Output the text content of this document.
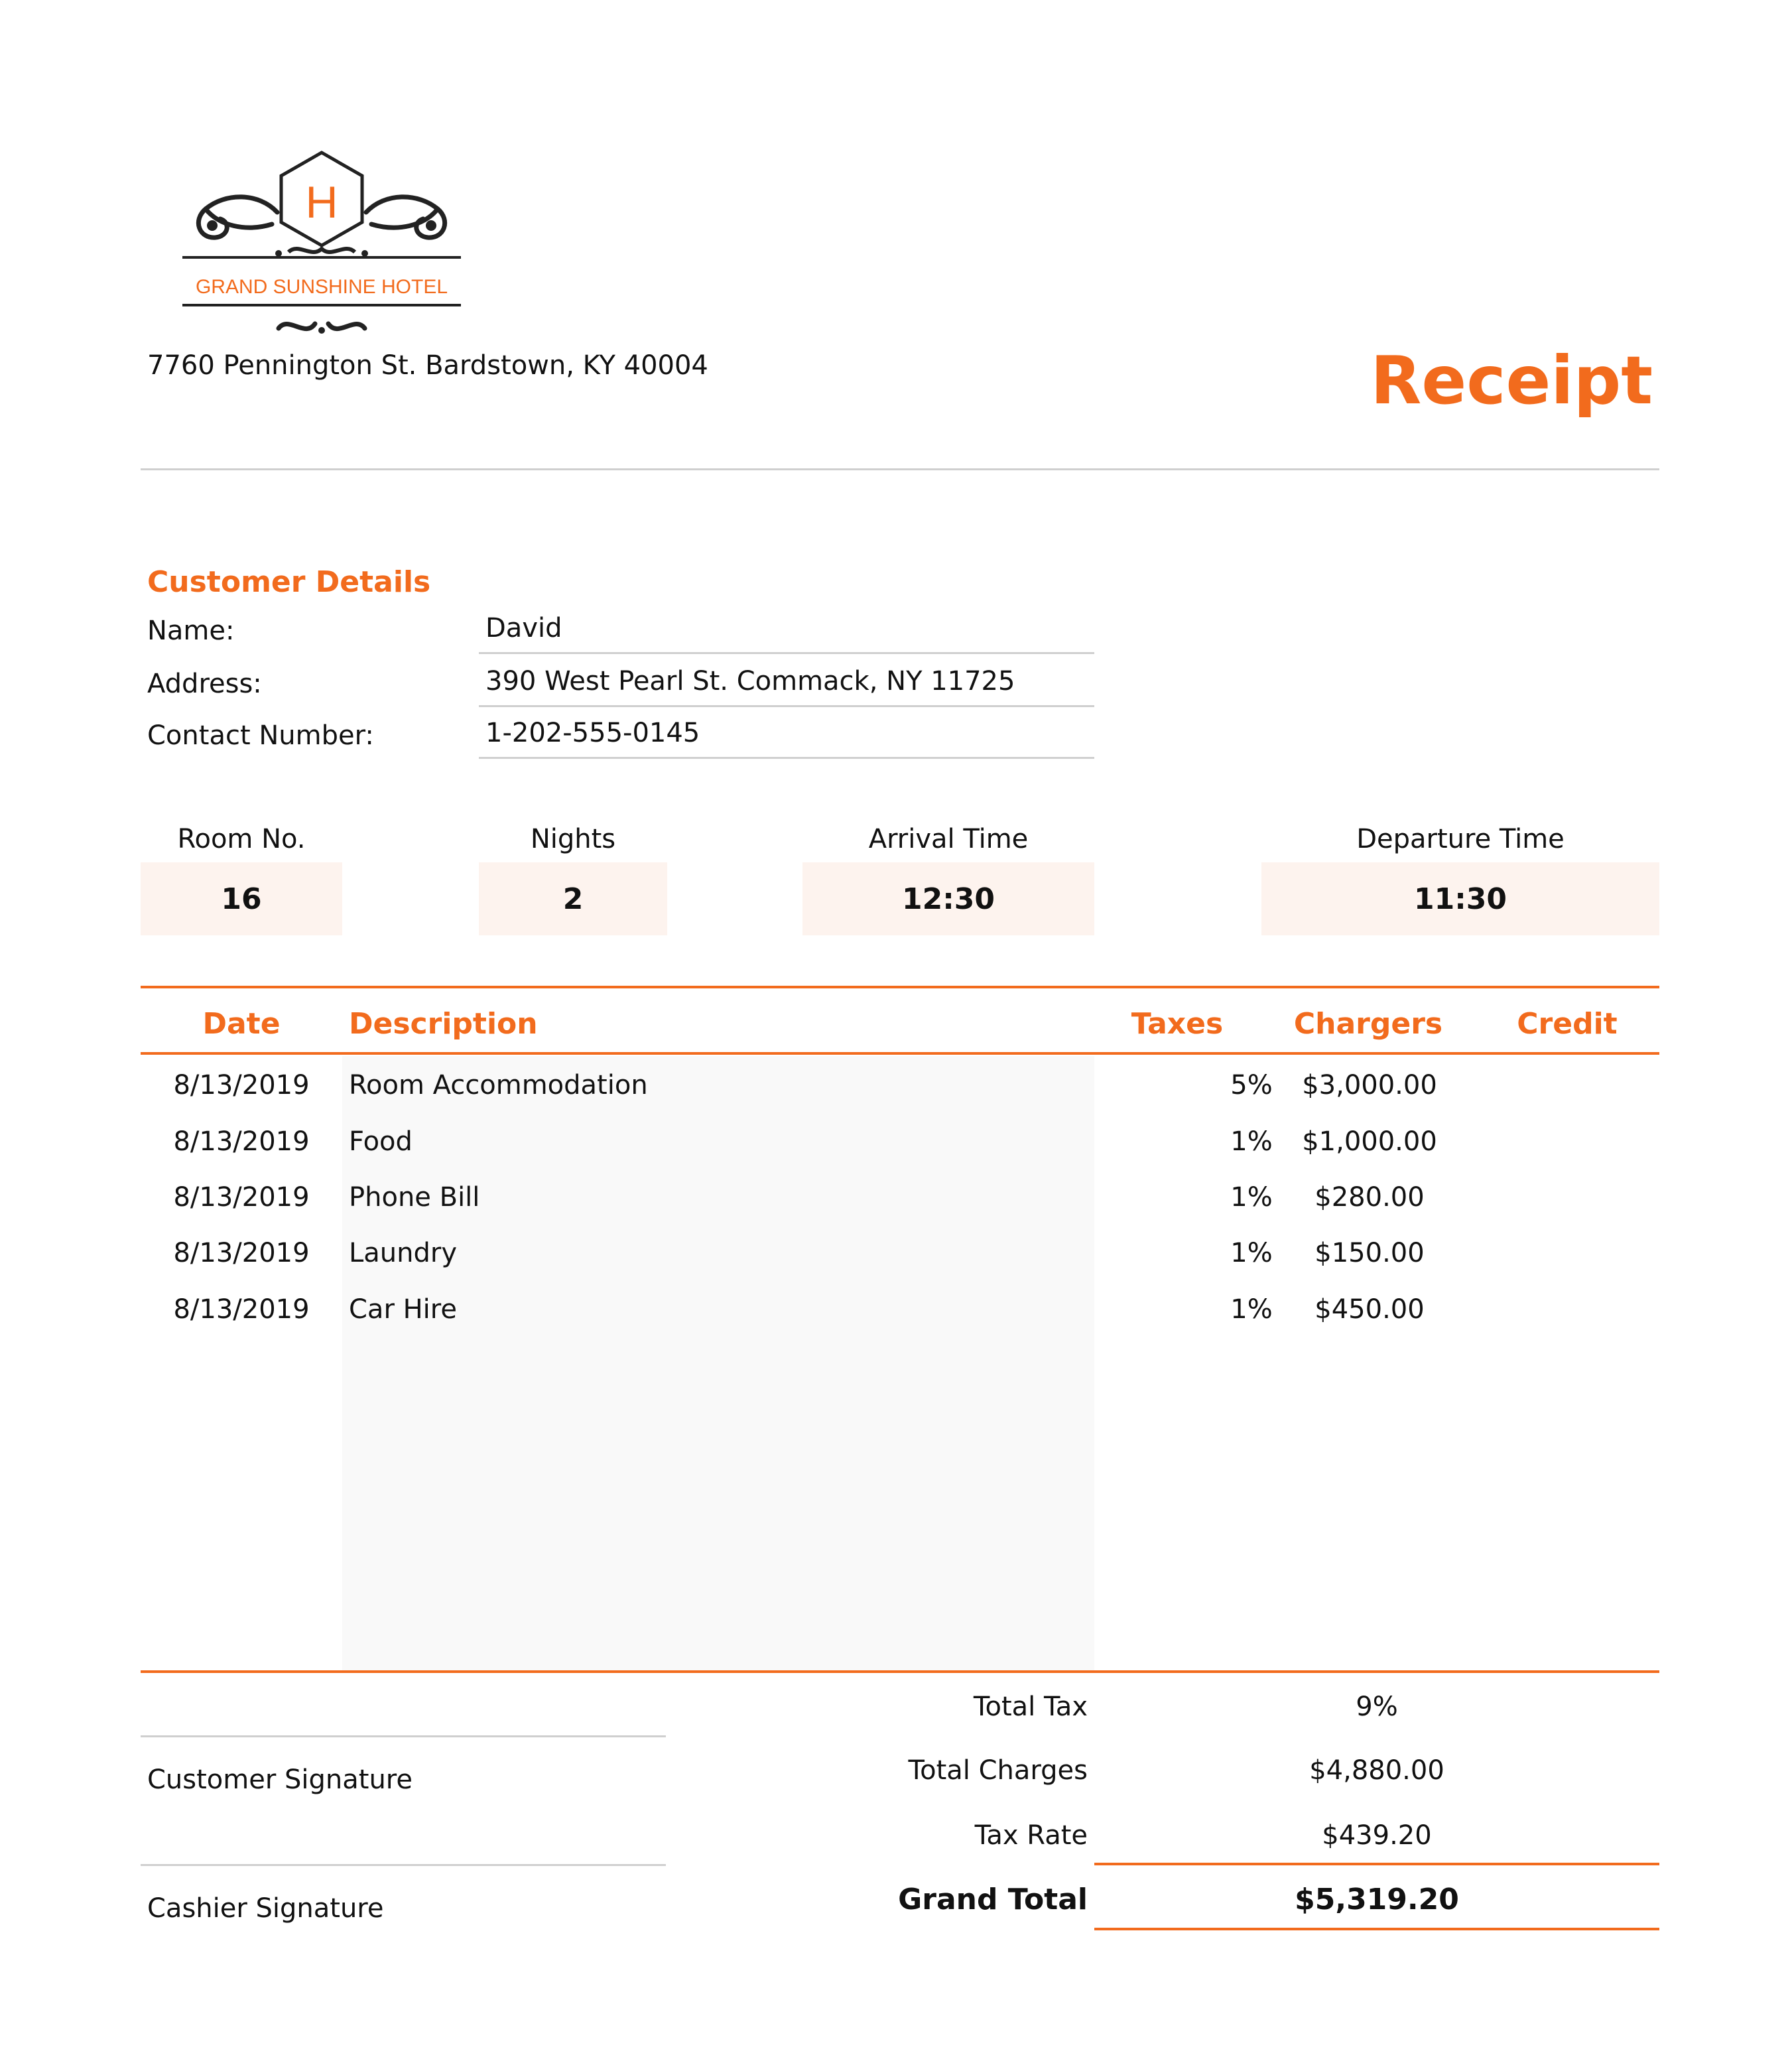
H
GRAND SUNSHINE HOTEL
7760 Pennington St. Bardstown, KY 40004	Receipt
Customer Details
Name:	David
Address:	390 West Pearl St. Commack, NY 11725
Contact Number:	1-202-555-0145
Room No.
16
Nights
2
Arrival Time
12:30
Departure Time
11:30
Date	Description	Taxes	Chargers	Credit
8/13/2019	Room Accommodation	5%	$3,000.00
8/13/2019	Food	1%	$1,000.00
8/13/2019	Phone Bill	1%	$280.00
8/13/2019	Laundry	1%	$150.00
8/13/2019	Car Hire	1%	$450.00
Customer Signature
Cashier Signature
Total Tax	9%
Total Charges	$4,880.00
Tax Rate	$439.20
Grand Total	$5,319.20
